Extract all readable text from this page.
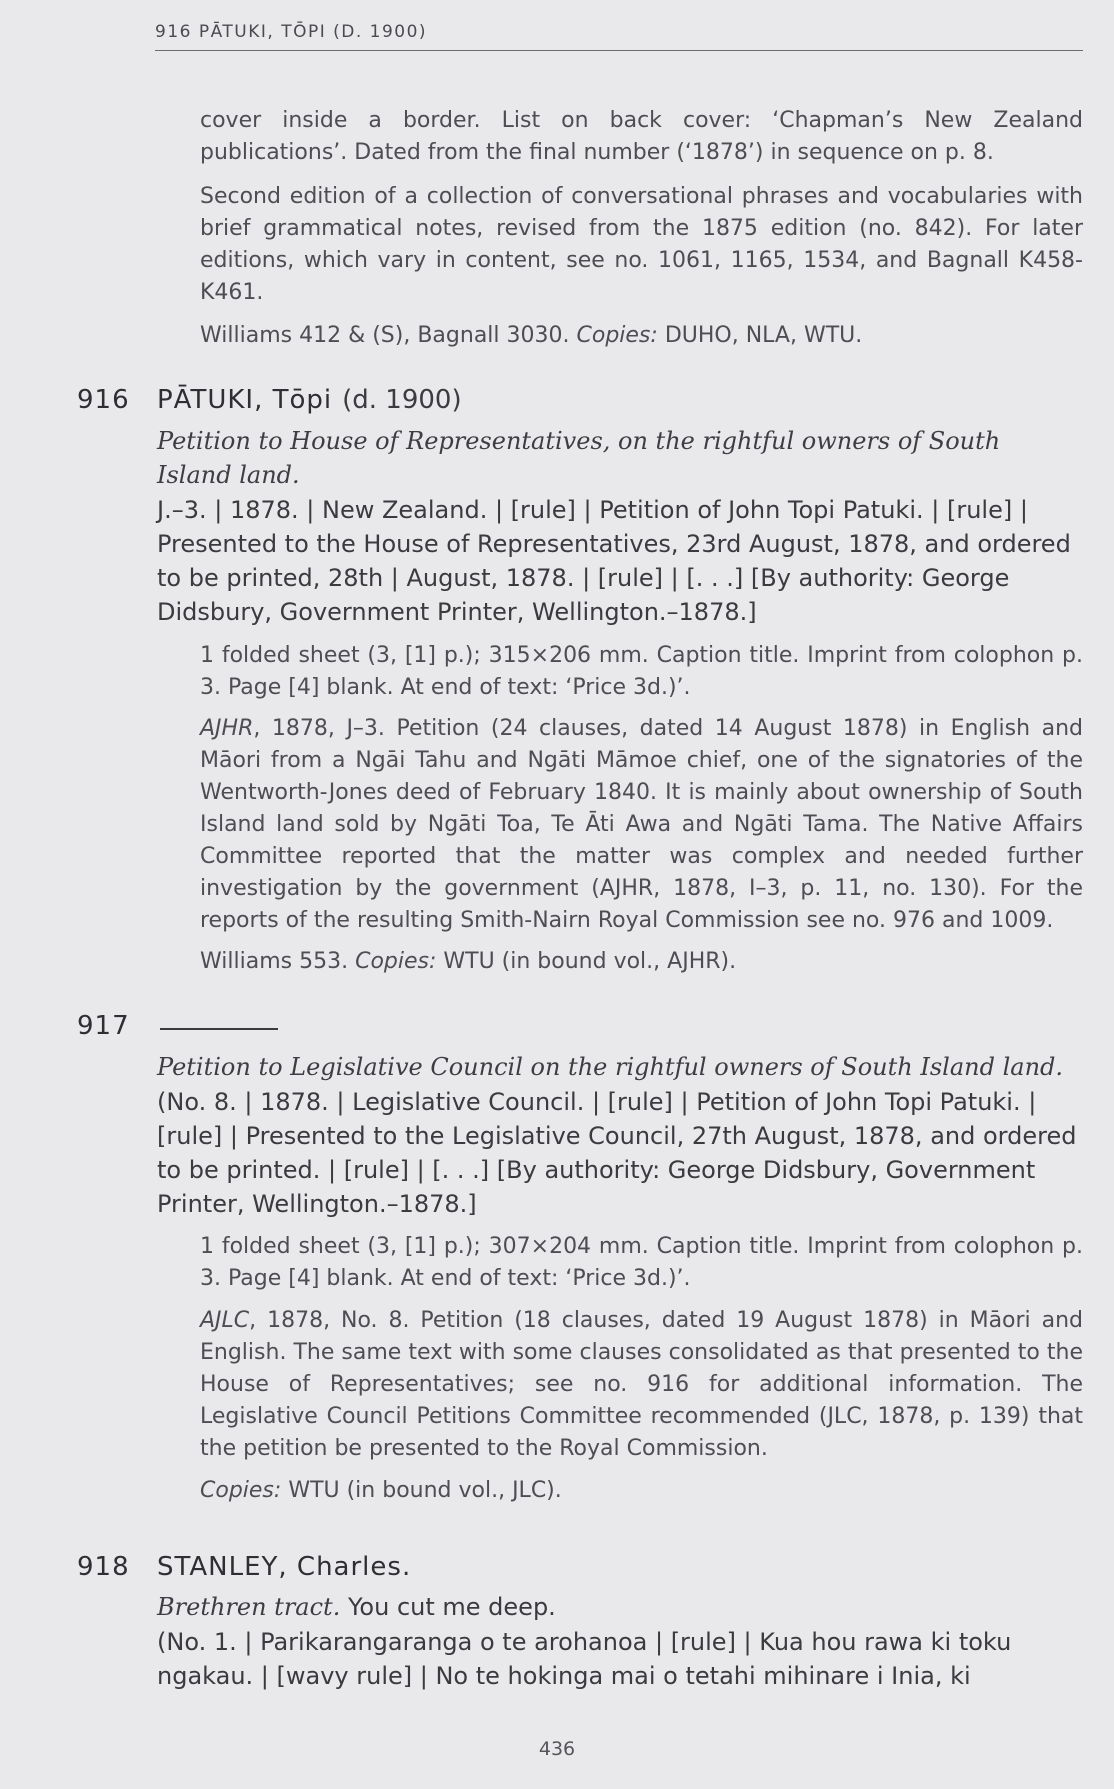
916 PĀTUKI, TŌPI (D. 1900)

cover inside a border. List on back cover: ‘Chapman’s New Zealand publications’. Dated from the final number (‘1878’) in sequence on p. 8.

Second edition of a collection of conversational phrases and vocabularies with brief grammatical notes, revised from the 1875 edition (no. 842). For later editions, which vary in content, see no. 1061, 1165, 1534, and Bagnall K458-K461.

Williams 412 & (S), Bagnall 3030. Copies: DUHO, NLA, WTU.

916 PĀTUKI, Tōpi (d. 1900)

Petition to House of Representatives, on the rightful owners of South Island land.

J.–3. | 1878. | New Zealand. | [rule] | Petition of John Topi Patuki. | [rule] | Presented to the House of Representatives, 23rd August, 1878, and ordered to be printed, 28th | August, 1878. | [rule] | [. . .] [By authority: George Didsbury, Government Printer, Wellington.–1878.]

1 folded sheet (3, [1] p.); 315×206 mm. Caption title. Imprint from colophon p. 3. Page [4] blank. At end of text: ‘Price 3d.)’.

AJHR, 1878, J–3. Petition (24 clauses, dated 14 August 1878) in English and Māori from a Ngāi Tahu and Ngāti Māmoe chief, one of the signatories of the Wentworth-Jones deed of February 1840. It is mainly about ownership of South Island land sold by Ngāti Toa, Te Āti Awa and Ngāti Tama. The Native Affairs Committee reported that the matter was complex and needed further investigation by the government (AJHR, 1878, I–3, p. 11, no. 130). For the reports of the resulting Smith-Nairn Royal Commission see no. 976 and 1009.

Williams 553. Copies: WTU (in bound vol., AJHR).

917

Petition to Legislative Council on the rightful owners of South Island land.

(No. 8. | 1878. | Legislative Council. | [rule] | Petition of John Topi Patuki. | [rule] | Presented to the Legislative Council, 27th August, 1878, and ordered to be printed. | [rule] | [. . .] [By authority: George Didsbury, Government Printer, Wellington.–1878.]

1 folded sheet (3, [1] p.); 307×204 mm. Caption title. Imprint from colophon p. 3. Page [4] blank. At end of text: ‘Price 3d.)’.

AJLC, 1878, No. 8. Petition (18 clauses, dated 19 August 1878) in Māori and English. The same text with some clauses consolidated as that presented to the House of Representatives; see no. 916 for additional information. The Legislative Council Petitions Committee recommended (JLC, 1878, p. 139) that the petition be presented to the Royal Commission.

Copies: WTU (in bound vol., JLC).

918 STANLEY, Charles.

Brethren tract. You cut me deep.

(No. 1. | Parikarangaranga o te arohanoa | [rule] | Kua hou rawa ki toku ngakau. | [wavy rule] | No te hokinga mai o tetahi mihinare i Inia, ki

436
